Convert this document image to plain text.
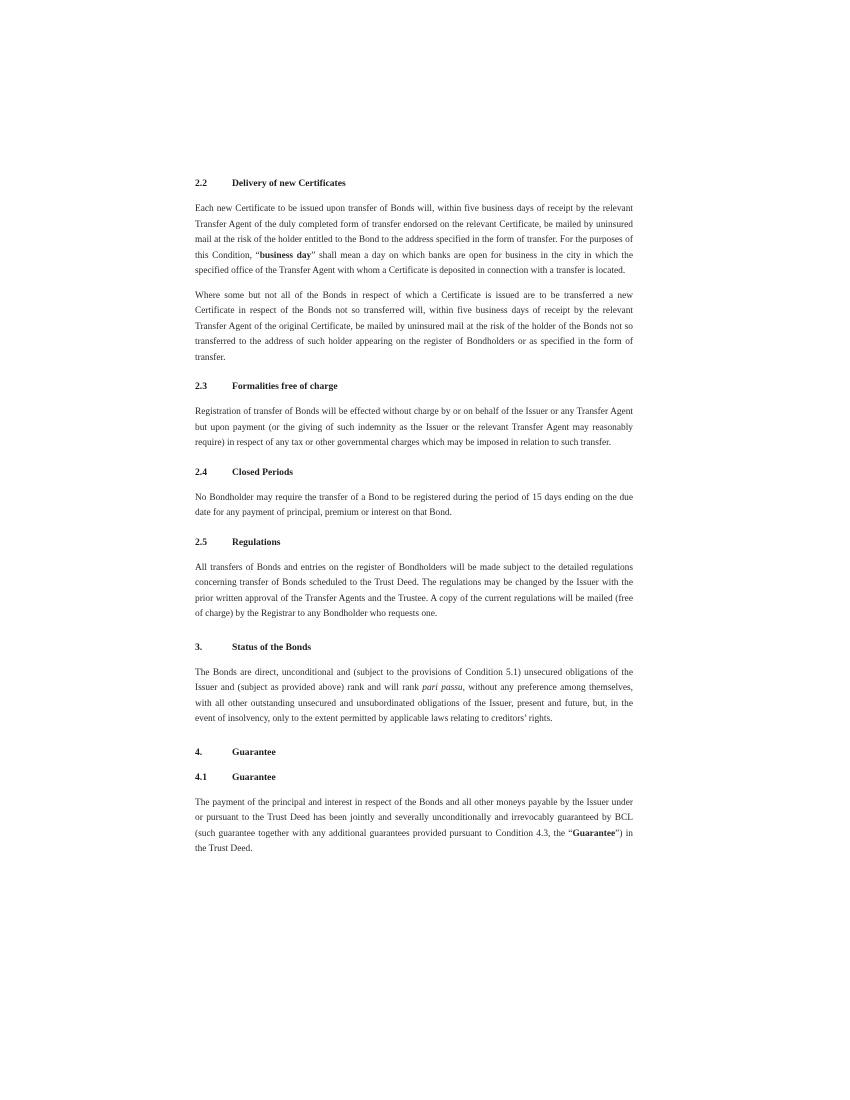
2.2	Delivery of new Certificates

Each new Certificate to be issued upon transfer of Bonds will, within five business days of receipt by the relevant Transfer Agent of the duly completed form of transfer endorsed on the relevant Certificate, be mailed by uninsured mail at the risk of the holder entitled to the Bond to the address specified in the form of transfer. For the purposes of this Condition, “business day” shall mean a day on which banks are open for business in the city in which the specified office of the Transfer Agent with whom a Certificate is deposited in connection with a transfer is located.

Where some but not all of the Bonds in respect of which a Certificate is issued are to be transferred a new Certificate in respect of the Bonds not so transferred will, within five business days of receipt by the relevant Transfer Agent of the original Certificate, be mailed by uninsured mail at the risk of the holder of the Bonds not so transferred to the address of such holder appearing on the register of Bondholders or as specified in the form of transfer.

2.3	Formalities free of charge

Registration of transfer of Bonds will be effected without charge by or on behalf of the Issuer or any Transfer Agent but upon payment (or the giving of such indemnity as the Issuer or the relevant Transfer Agent may reasonably require) in respect of any tax or other governmental charges which may be imposed in relation to such transfer.

2.4	Closed Periods

No Bondholder may require the transfer of a Bond to be registered during the period of 15 days ending on the due date for any payment of principal, premium or interest on that Bond.

2.5	Regulations

All transfers of Bonds and entries on the register of Bondholders will be made subject to the detailed regulations concerning transfer of Bonds scheduled to the Trust Deed. The regulations may be changed by the Issuer with the prior written approval of the Transfer Agents and the Trustee. A copy of the current regulations will be mailed (free of charge) by the Registrar to any Bondholder who requests one.

3.	Status of the Bonds

The Bonds are direct, unconditional and (subject to the provisions of Condition 5.1) unsecured obligations of the Issuer and (subject as provided above) rank and will rank pari passu, without any preference among themselves, with all other outstanding unsecured and unsubordinated obligations of the Issuer, present and future, but, in the event of insolvency, only to the extent permitted by applicable laws relating to creditors’ rights.

4.	Guarantee
4.1	Guarantee

The payment of the principal and interest in respect of the Bonds and all other moneys payable by the Issuer under or pursuant to the Trust Deed has been jointly and severally unconditionally and irrevocably guaranteed by BCL (such guarantee together with any additional guarantees provided pursuant to Condition 4.3, the “Guarantee”) in the Trust Deed.
